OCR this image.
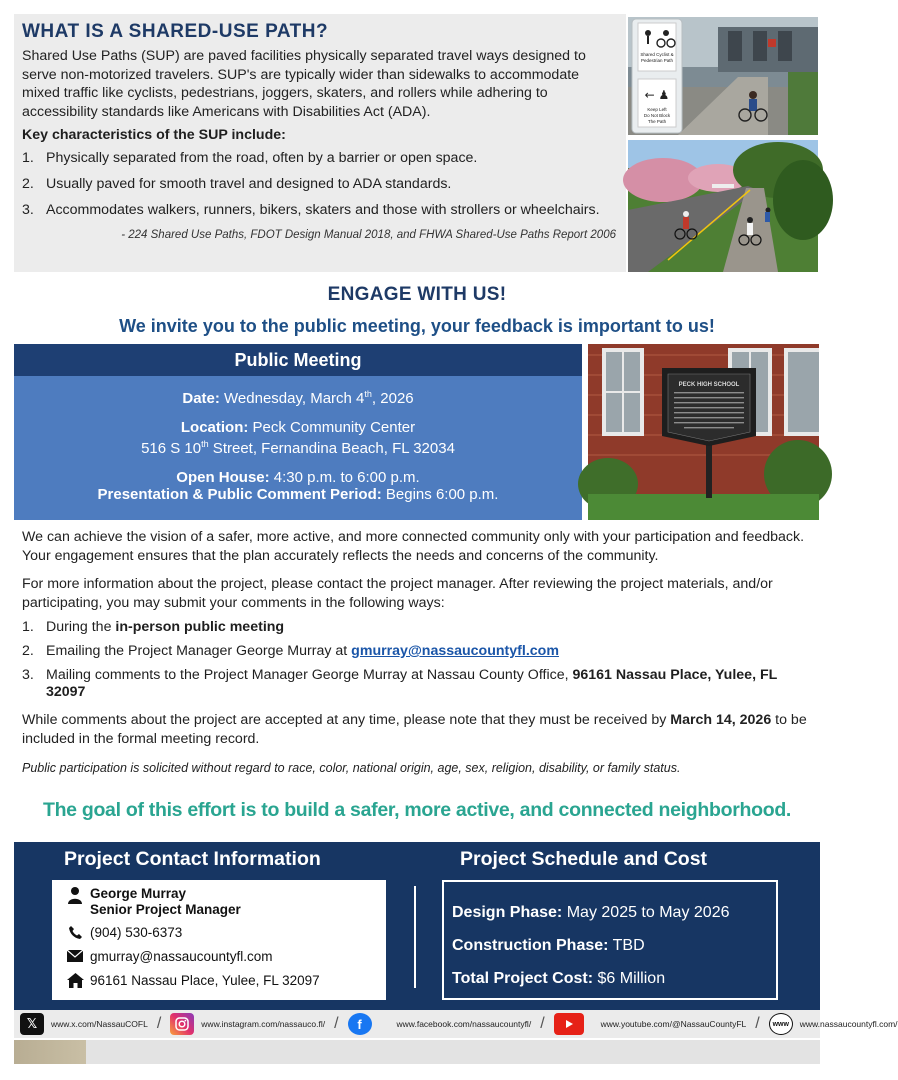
WHAT IS A SHARED-USE PATH?

Shared Use Paths (SUP) are paved facilities physically separated travel ways designed to serve non-motorized travelers. SUP's are typically wider than sidewalks to accommodate mixed traffic like cyclists, pedestrians, joggers, skaters, and rollers while adhering to accessibility standards like Americans with Disabilities Act (ADA).

Key characteristics of the SUP include:

1. Physically separated from the road, often by a barrier or open space.
2. Usually paved for smooth travel and designed to ADA standards.
3. Accommodates walkers, runners, bikers, skaters and those with strollers or wheelchairs.

- 224 Shared Use Paths, FDOT Design Manual 2018, and FHWA Shared-Use Paths Report 2006

Shared Cyclist &
Pedestrian Path
← ♟
Keep Left
Do Not Block
The Path
ENGAGE WITH US!

We invite you to the public meeting, your feedback is important to us!

Public Meeting
Date: Wednesday, March 4th, 2026
Location: Peck Community Center
516 S 10th Street, Fernandina Beach, FL 32034
Open House: 4:30 p.m. to 6:00 p.m.
Presentation & Public Comment Period: Begins 6:00 p.m.
PECK HIGH SCHOOL

We can achieve the vision of a safer, more active, and more connected community only with your participation and feedback. Your engagement ensures that the plan accurately reflects the needs and concerns of the community.

For more information about the project, please contact the project manager. After reviewing the project materials, and/or participating, you may submit your comments in the following ways:

1. During the in-person public meeting
2. Emailing the Project Manager George Murray at gmurray@nassaucountyfl.com
3. Mailing comments to the Project Manager George Murray at Nassau County Office, 96161 Nassau Place, Yulee, FL 32097

While comments about the project are accepted at any time, please note that they must be received by March 14, 2026 to be included in the formal meeting record.

Public participation is solicited without regard to race, color, national origin, age, sex, religion, disability, or family status.

The goal of this effort is to build a safer, more active, and connected neighborhood.

Project Contact Information	Project Schedule and Cost
George Murray
Senior Project Manager
(904) 530-6373
gmurray@nassaucountyfl.com
96161 Nassau Place, Yulee, FL 32097
Design Phase: May 2025 to May 2026
Construction Phase: TBD
Total Project Cost: $6 Million
𝕏	www.x.com/NassauCOFL /	www.instagram.com/nassauco.fl/ /	f	www.facebook.com/nassaucountyfl/ /	www.youtube.com/@NassauCountyFL /	www	www.nassaucountyfl.com/
